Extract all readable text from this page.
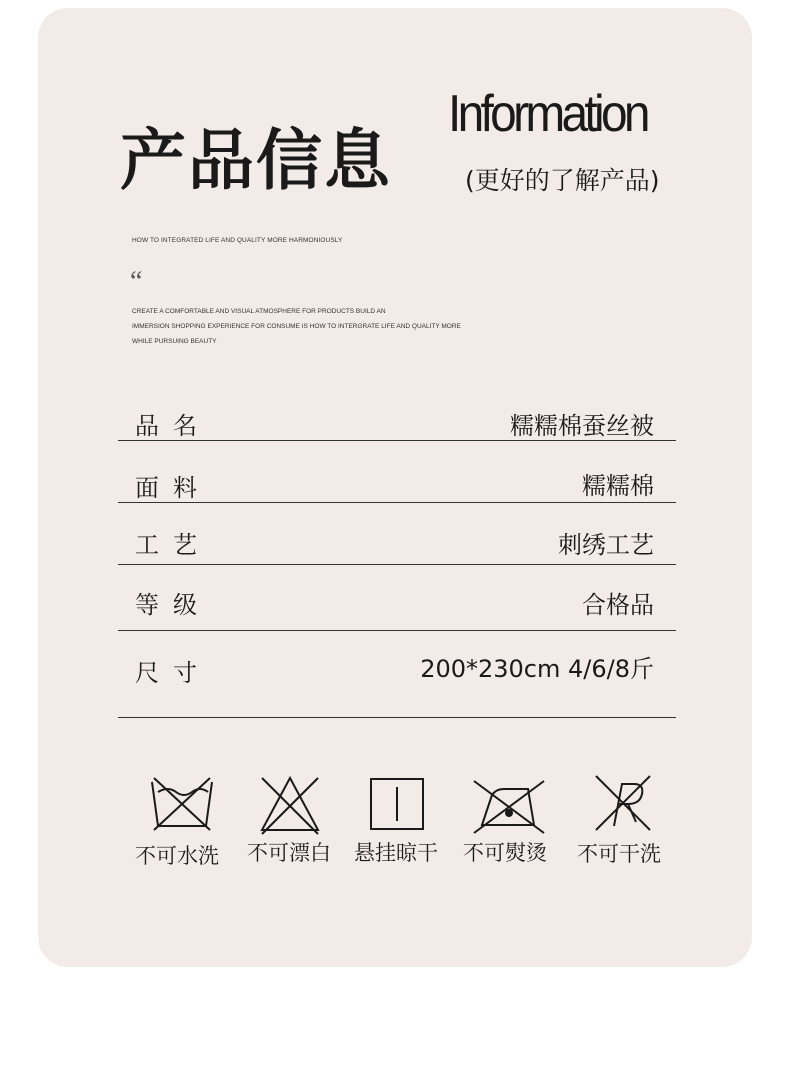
产品信息
Information
(更好的了解产品)
HOW TO INTEGRATED LIFE AND QUALITY MORE HARMONIOUSLY
“
CREATE A COMFORTABLE AND VISUAL ATMOSPHERE FOR PRODUCTS BUILD AN
IMMERSION SHOPPING EXPERIENCE FOR CONSUME IS HOW TO INTERGRATE LIFE AND QUALITY MORE
WHILE PURSUING BEAUTY
品名	糯糯棉蚕丝被
面料	糯糯棉
工艺	刺绣工艺
等级	合格品
尺寸	200*230cm 4/6/8斤
不可水洗 不可漂白 悬挂晾干 不可熨烫 不可干洗
